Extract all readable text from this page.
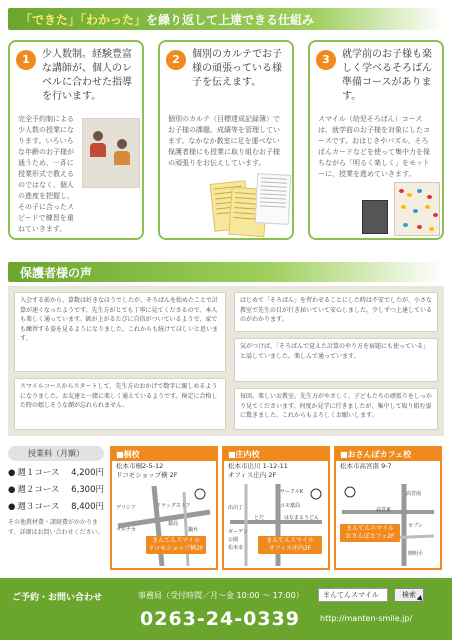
「できた」「わかった」を繰り返して上達できる仕組み
1	少人数制。経験豊富な講師が、個人のレベルに合わせた指導を行います。
完全予約制による少人数の授業になります。いろいろな年齢のお子様が通うため、一斉に授業形式で教えるのではなく、個人の進度を把握し、その子に合ったスピードで練習を重ねていきます。
2	個別のカルテでお子様の頑張っている様子を伝えます。
個別のカルテ（目標達成記録簿）でお子様の課題、成績等を管理しています。なかなか教室に足を運べない保護者様にも授業に取り組むお子様の頑張りをお伝えしています。
3	就学前のお子様も楽しく学べるそろばん準備コースがあります。
スマイル（幼児そろばん）コースは、就学前のお子様を対象にしたコースです。おはじきやパズル、そろばんカードなどを使って集中力を保ちながら「明るく楽しく」をモットーに、授業を進めていきます。
保護者様の声
入会する前から、算数は好きなほうでしたが、そろばんを始めたことで計算が速くなったようです。先生方がとても丁寧に見てくださるので、本人も楽しく通っています。級が上がるたびに自信がついているようで、家でも練習する姿を見るようになりました。これからも続けてほしいと思います。
はじめて「そろばん」を習わせることにした時は不安でしたが、小さな教室で先生の目が行き届いていて安心しました。少しずつ上達しているのがわかります。
気がつけば、「そろばんで覚えた計算のやり方を宿題にも使っている」と話していました。楽しんで通っています。
スマイルコースからスタートして、先生方のおかげで数字に親しめるようになりました。お友達と一緒に楽しく通えているようです。検定に合格した時の嬉しそうな顔が忘れられません。
毎回、楽しいお教室。先生方がやさしく、子どもたちの頑張りをしっかり見てくださいます。何度か見学に行きましたが、集中して取り組む姿に驚きました。これからもよろしくお願いします。
授業料（月額）
● 週１コース 4,200円
● 週２コース 6,300円
● 週３コース 8,400円
その他教材費・諸経費がかかります。詳細はお問い合わせください。
■桐校
松本市桐2-5-12
ドコモショップ横 2F
デリシア	ドラッグストア
マルナカ
薬局
鍋弁
まんてんスマイル
ドコモショップ横2F
■庄内校
松本市出川 1-12-11
オフィス庄内 2F
サークルK
コモ薬局
出川丁
とだ	はなまるうどん
ガーデン
公園
松本市
まんてんスマイル
オフィス庄内2F
■おさんぽカフェ校
松本市高宮南 9-7
高宮南
高宮東
セブン
開明小
まんてんスマイル
おさんぽカフェ2F
ご予約・お問い合わせ	事務局（受付時間／月～金 10:00 ～ 17:00）
0263-24-0339
まんてんスマイル	検索
http://manten-smile.jp/
